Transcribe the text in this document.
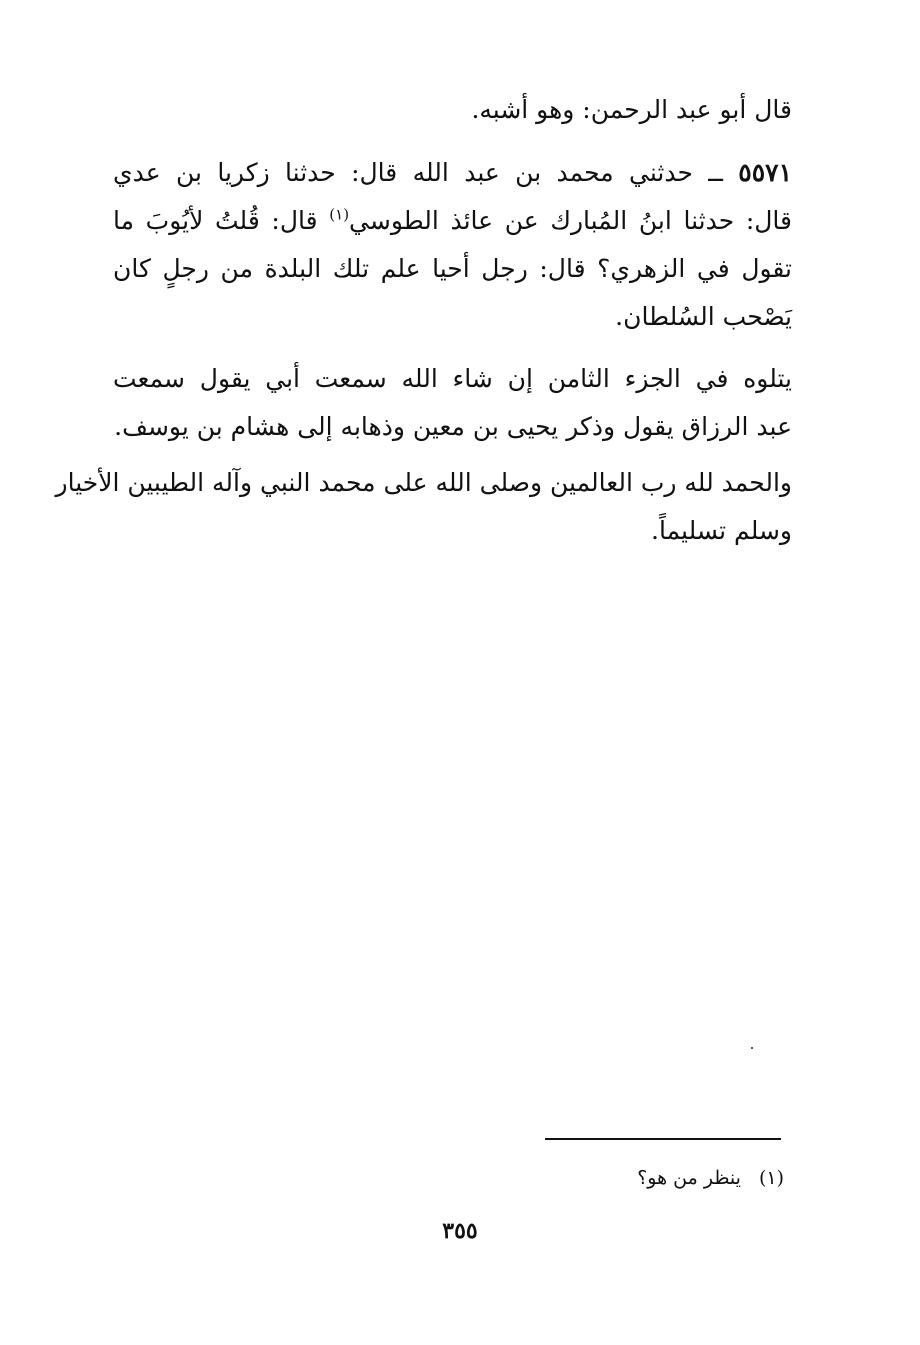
قال أبو عبد الرحمن: وهو أشبه.

٥٥٧١ ــ حدثني محمد بن عبد الله قال: حدثنا زكريا بن عدي

قال: حدثنا ابنُ المُبارك عن عائذ الطوسي$^{(١)}$ قال: قُلتُ لأيُوبَ ما

تقول في الزهري؟ قال: رجل أحيا علم تلك البلدة من رجلٍ كان

يَصْحب السُلطان.

يتلوه في الجزء الثامن إن شاء الله سمعت أبي يقول سمعت

عبد الرزاق يقول وذكر يحيى بن معين وذهابه إلى هشام بن يوسف.

والحمد لله رب العالمين وصلى الله على محمد النبي وآله الطيبين الأخيار

وسلم تسليماً.

(١)ينظر من هو؟
٣٥٥
